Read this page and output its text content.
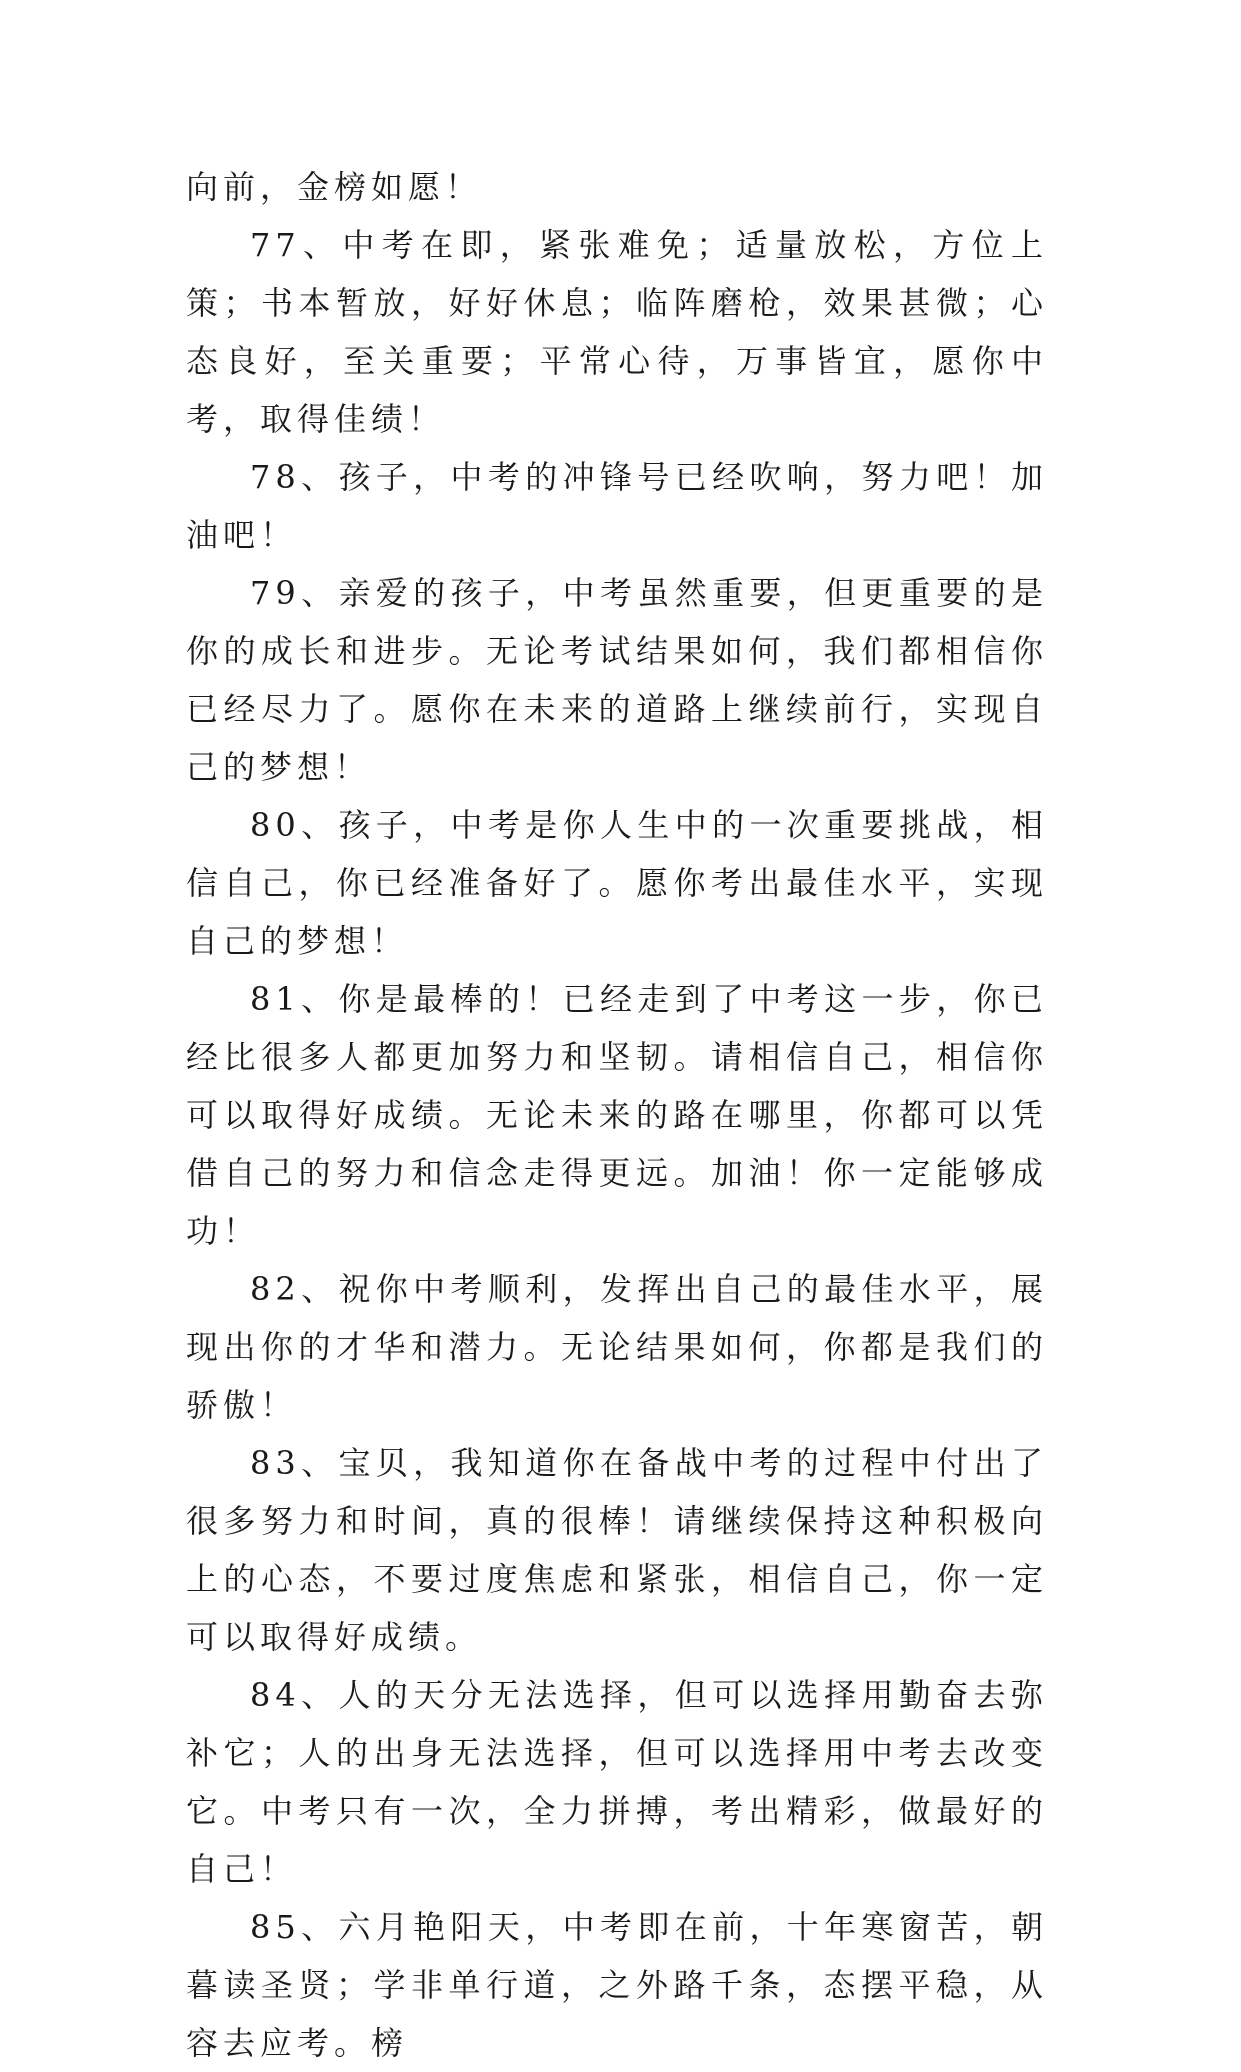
向前，金榜如愿！

77、中考在即，紧张难免；适量放松，方位上策；书本暂放，好好休息；临阵磨枪，效果甚微；心态良好，至关重要；平常心待，万事皆宜，愿你中考，取得佳绩！

78、孩子，中考的冲锋号已经吹响，努力吧！加油吧！

79、亲爱的孩子，中考虽然重要，但更重要的是你的成长和进步。无论考试结果如何，我们都相信你已经尽力了。愿你在未来的道路上继续前行，实现自己的梦想！

80、孩子，中考是你人生中的一次重要挑战，相信自己，你已经准备好了。愿你考出最佳水平，实现自己的梦想！

81、你是最棒的！已经走到了中考这一步，你已经比很多人都更加努力和坚韧。请相信自己，相信你可以取得好成绩。无论未来的路在哪里，你都可以凭借自己的努力和信念走得更远。加油！你一定能够成功！

82、祝你中考顺利，发挥出自己的最佳水平，展现出你的才华和潜力。无论结果如何，你都是我们的骄傲！

83、宝贝，我知道你在备战中考的过程中付出了很多努力和时间，真的很棒！请继续保持这种积极向上的心态，不要过度焦虑和紧张，相信自己，你一定可以取得好成绩。

84、人的天分无法选择，但可以选择用勤奋去弥补它；人的出身无法选择，但可以选择用中考去改变它。中考只有一次，全力拼搏，考出精彩，做最好的自己！

85、六月艳阳天，中考即在前，十年寒窗苦，朝暮读圣贤；学非单行道，之外路千条，态摆平稳，从容去应考。榜
